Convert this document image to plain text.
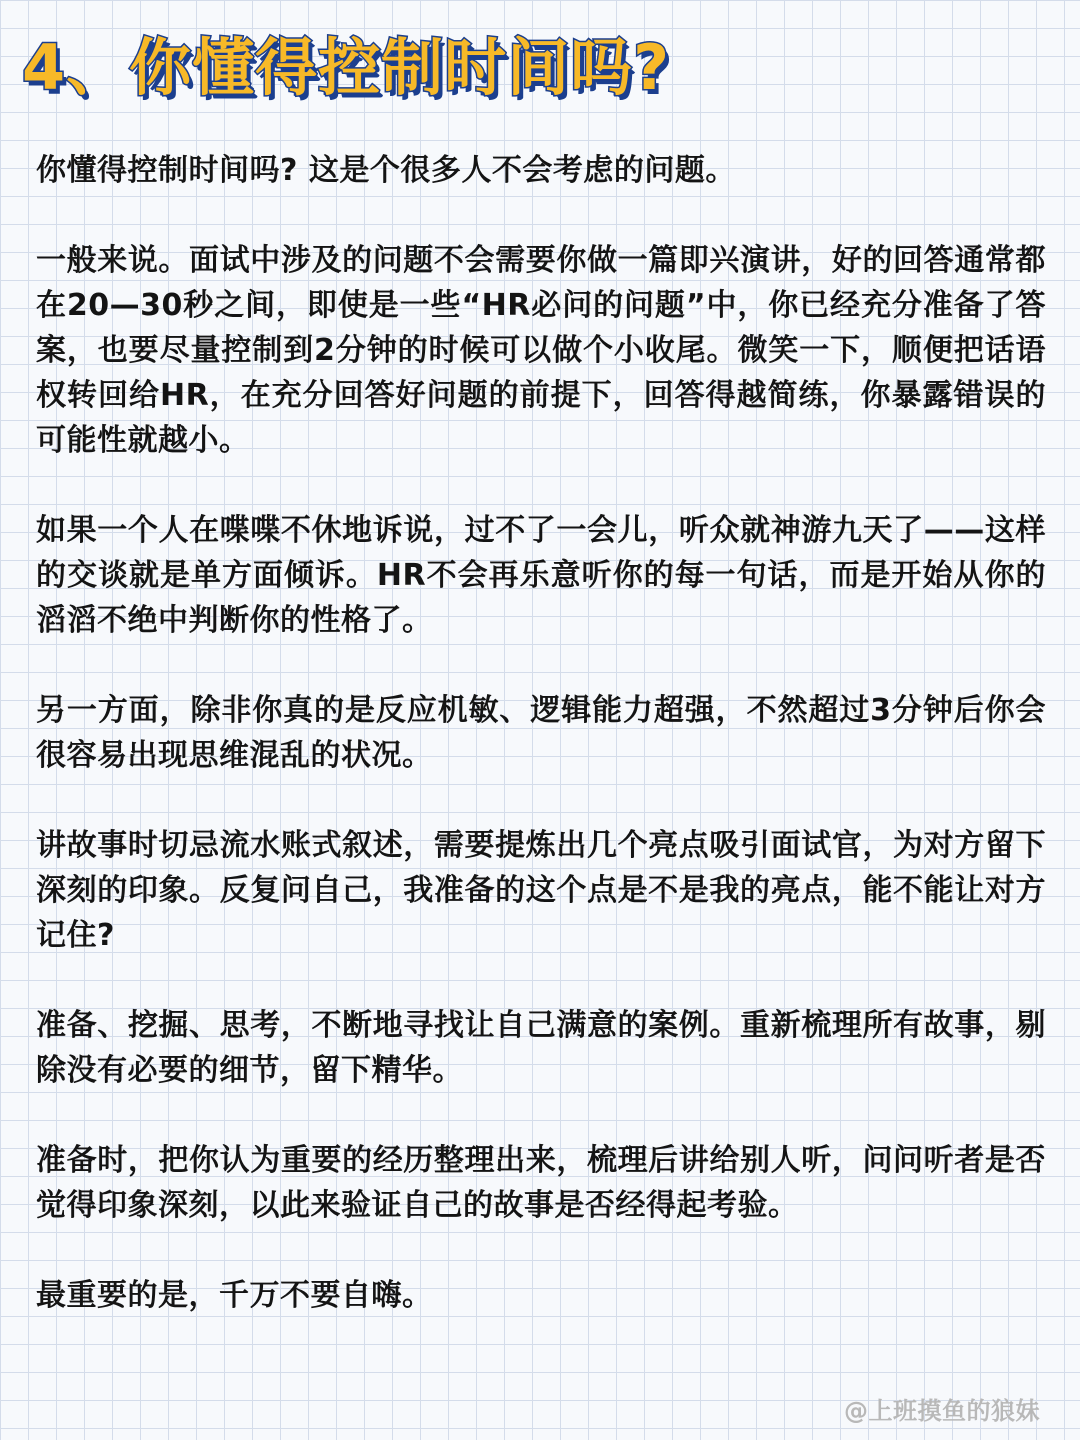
4、你懂得控制时间吗?

你懂得控制时间吗? 这是个很多人不会考虑的问题。

一般来说。面试中涉及的问题不会需要你做一篇即兴演讲，好的回答通常都在20—30秒之间，即使是一些“HR必问的问题”中，你已经充分准备了答案，也要尽量控制到2分钟的时候可以做个小收尾。微笑一下，顺便把话语权转回给HR，在充分回答好问题的前提下，回答得越简练，你暴露错误的可能性就越小。

如果一个人在喋喋不休地诉说，过不了一会儿，听众就神游九天了——这样的交谈就是单方面倾诉。HR不会再乐意听你的每一句话，而是开始从你的滔滔不绝中判断你的性格了。

另一方面，除非你真的是反应机敏、逻辑能力超强，不然超过3分钟后你会很容易出现思维混乱的状况。

讲故事时切忌流水账式叙述，需要提炼出几个亮点吸引面试官，为对方留下深刻的印象。反复问自己，我准备的这个点是不是我的亮点，能不能让对方记住?

准备、挖掘、思考，不断地寻找让自己满意的案例。重新梳理所有故事，剔除没有必要的细节，留下精华。

准备时，把你认为重要的经历整理出来，梳理后讲给别人听，问问听者是否觉得印象深刻，以此来验证自己的故事是否经得起考验。

最重要的是，千万不要自嗨。

@上班摸鱼的狼妹
